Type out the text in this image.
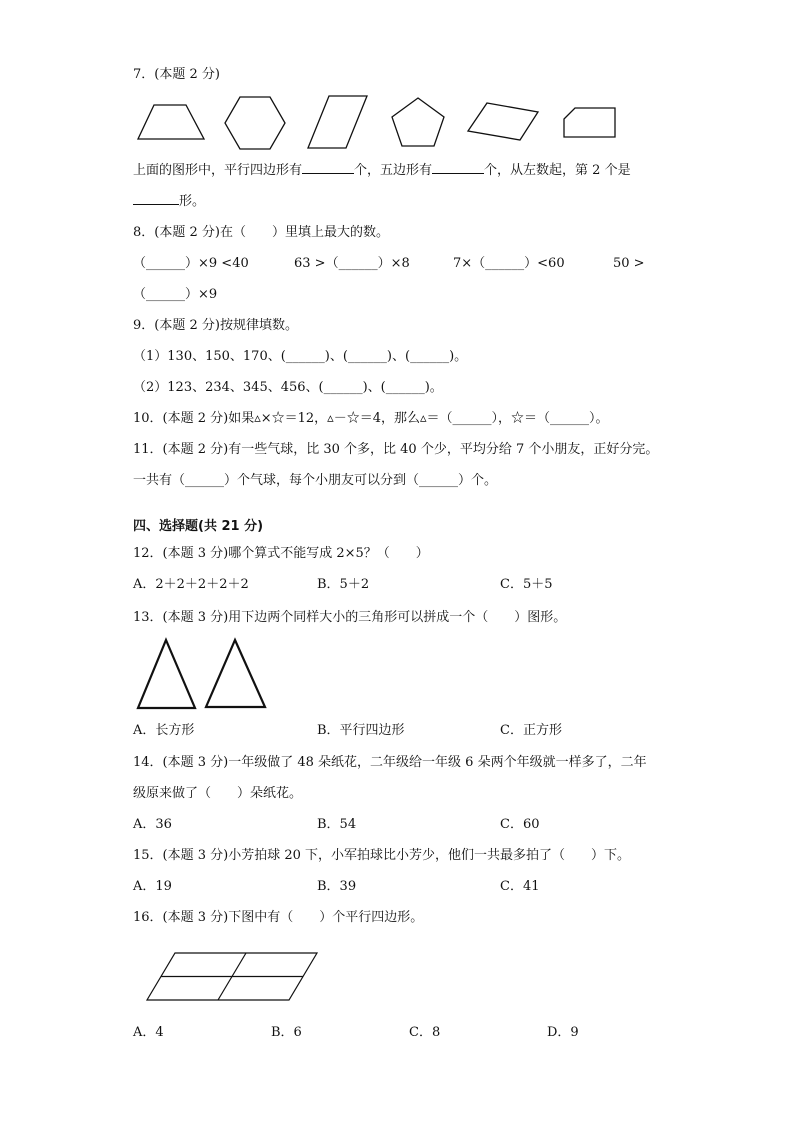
7．(本题 2 分)
上面的图形中，平行四边形有	个，五边形有	个，从左数起，第 2 个是
形。
8．(本题 2 分)在（　　）里填上最大的数。
（______）×9 <40	63 >（______）×8	7×（______）<60	50 >
（______）×9
9．(本题 2 分)按规律填数。
（1）130、150、170、(______)、(______)、(______)。
（2）123、234、345、456、(______)、(______)。
10．(本题 2 分)如果▵×☆＝12，▵－☆＝4，那么▵＝（______），☆＝（______）。
11．(本题 2 分)有一些气球，比 30 个多，比 40 个少，平均分给 7 个小朋友，正好分完。
一共有（______）个气球，每个小朋友可以分到（______）个。
四、选择题(共 21 分)
12．(本题 3 分)哪个算式不能写成 2×5？（　　）
A．2＋2＋2＋2＋2	B．5＋2	C．5＋5
13．(本题 3 分)用下边两个同样大小的三角形可以拼成一个（　　）图形。
A．长方形	B．平行四边形	C．正方形
14．(本题 3 分)一年级做了 48 朵纸花，二年级给一年级 6 朵两个年级就一样多了，二年
级原来做了（　　）朵纸花。
A．36	B．54	C．60
15．(本题 3 分)小芳拍球 20 下，小军拍球比小芳少，他们一共最多拍了（　　）下。
A．19	B．39	C．41
16．(本题 3 分)下图中有（　　）个平行四边形。
A．4	B．6	C．8	D．9
